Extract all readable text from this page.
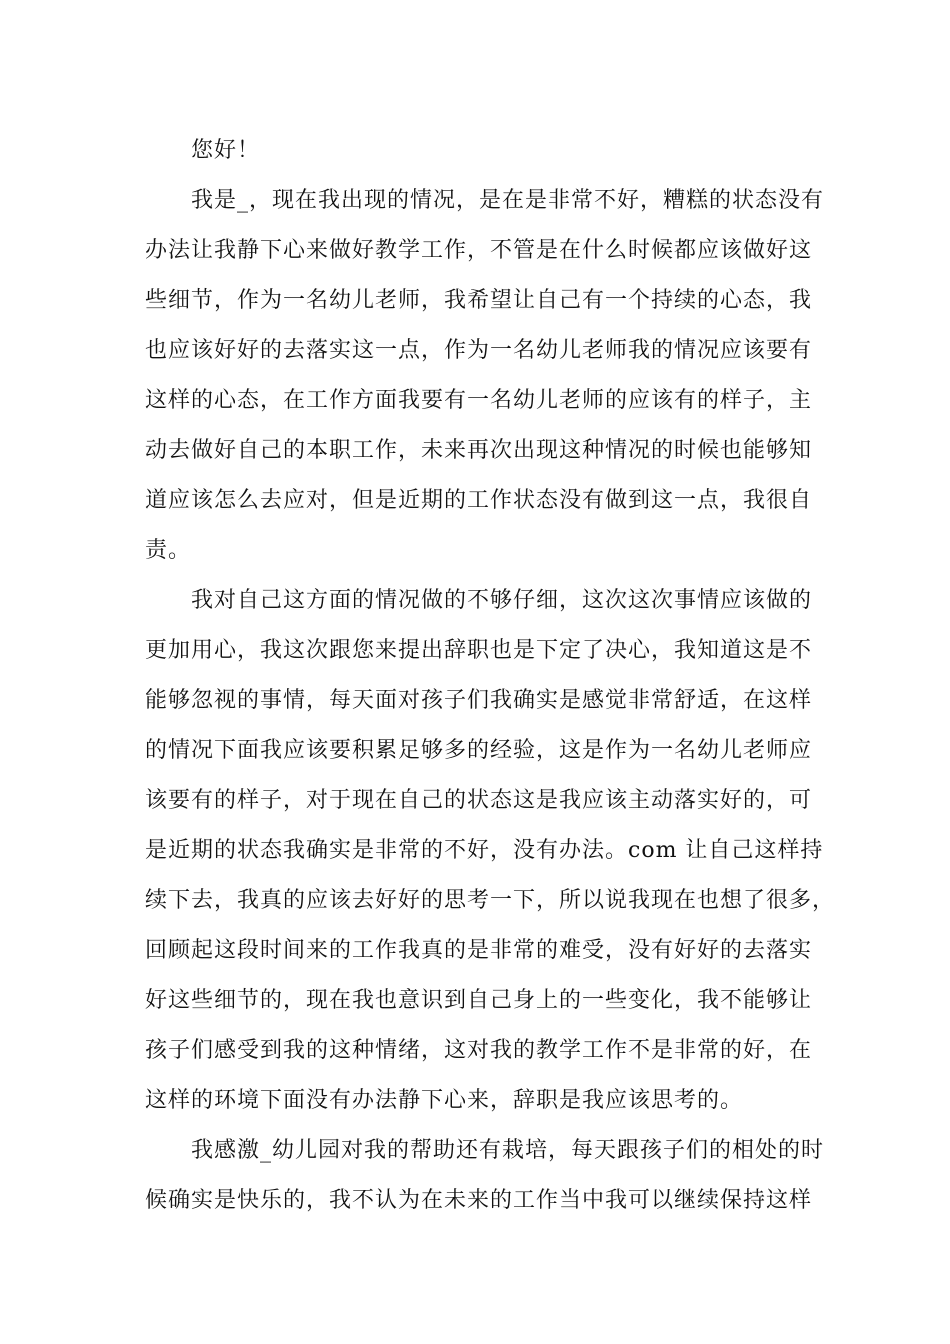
您好！
我是_，现在我出现的情况，是在是非常不好，糟糕的状态没有
办法让我静下心来做好教学工作，不管是在什么时候都应该做好这
些细节，作为一名幼儿老师，我希望让自己有一个持续的心态，我
也应该好好的去落实这一点，作为一名幼儿老师我的情况应该要有
这样的心态，在工作方面我要有一名幼儿老师的应该有的样子，主
动去做好自己的本职工作，未来再次出现这种情况的时候也能够知
道应该怎么去应对，但是近期的工作状态没有做到这一点，我很自
责。
我对自己这方面的情况做的不够仔细，这次这次事情应该做的
更加用心，我这次跟您来提出辞职也是下定了决心，我知道这是不
能够忽视的事情，每天面对孩子们我确实是感觉非常舒适，在这样
的情况下面我应该要积累足够多的经验，这是作为一名幼儿老师应
该要有的样子，对于现在自己的状态这是我应该主动落实好的，可
是近期的状态我确实是非常的不好，没有办法。com 让自己这样持
续下去，我真的应该去好好的思考一下，所以说我现在也想了很多，
回顾起这段时间来的工作我真的是非常的难受，没有好好的去落实
好这些细节的，现在我也意识到自己身上的一些变化，我不能够让
孩子们感受到我的这种情绪，这对我的教学工作不是非常的好，在
这样的环境下面没有办法静下心来，辞职是我应该思考的。
我感激_幼儿园对我的帮助还有栽培，每天跟孩子们的相处的时
候确实是快乐的，我不认为在未来的工作当中我可以继续保持这样
